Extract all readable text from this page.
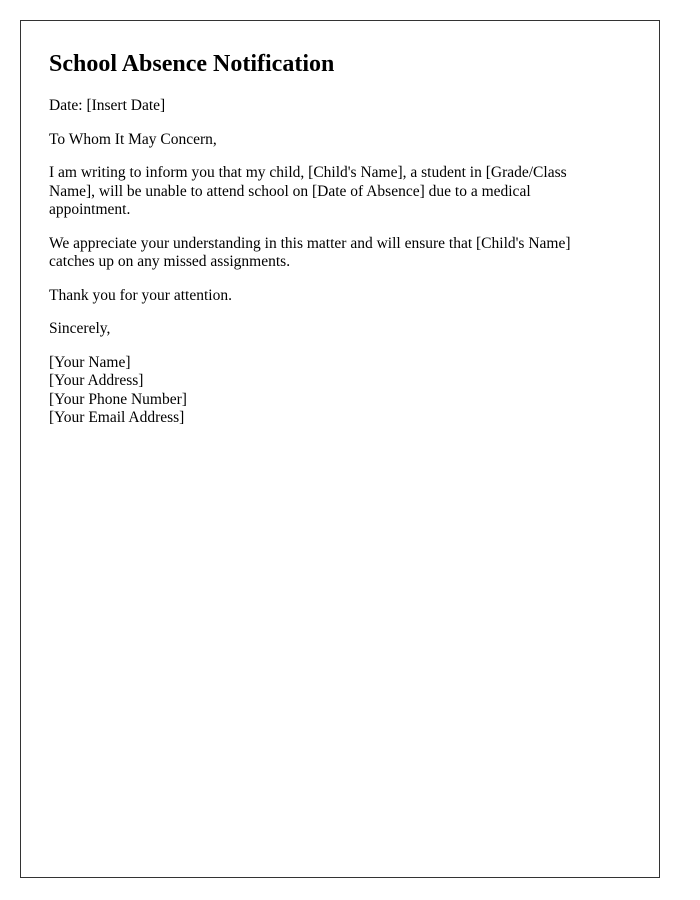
School Absence Notification

Date: [Insert Date]

To Whom It May Concern,

I am writing to inform you that my child, [Child's Name], a student in [Grade/Class Name], will be unable to attend school on [Date of Absence] due to a medical appointment.

We appreciate your understanding in this matter and will ensure that [Child's Name] catches up on any missed assignments.

Thank you for your attention.

Sincerely,

[Your Name]

[Your Address]

[Your Phone Number]

[Your Email Address]
